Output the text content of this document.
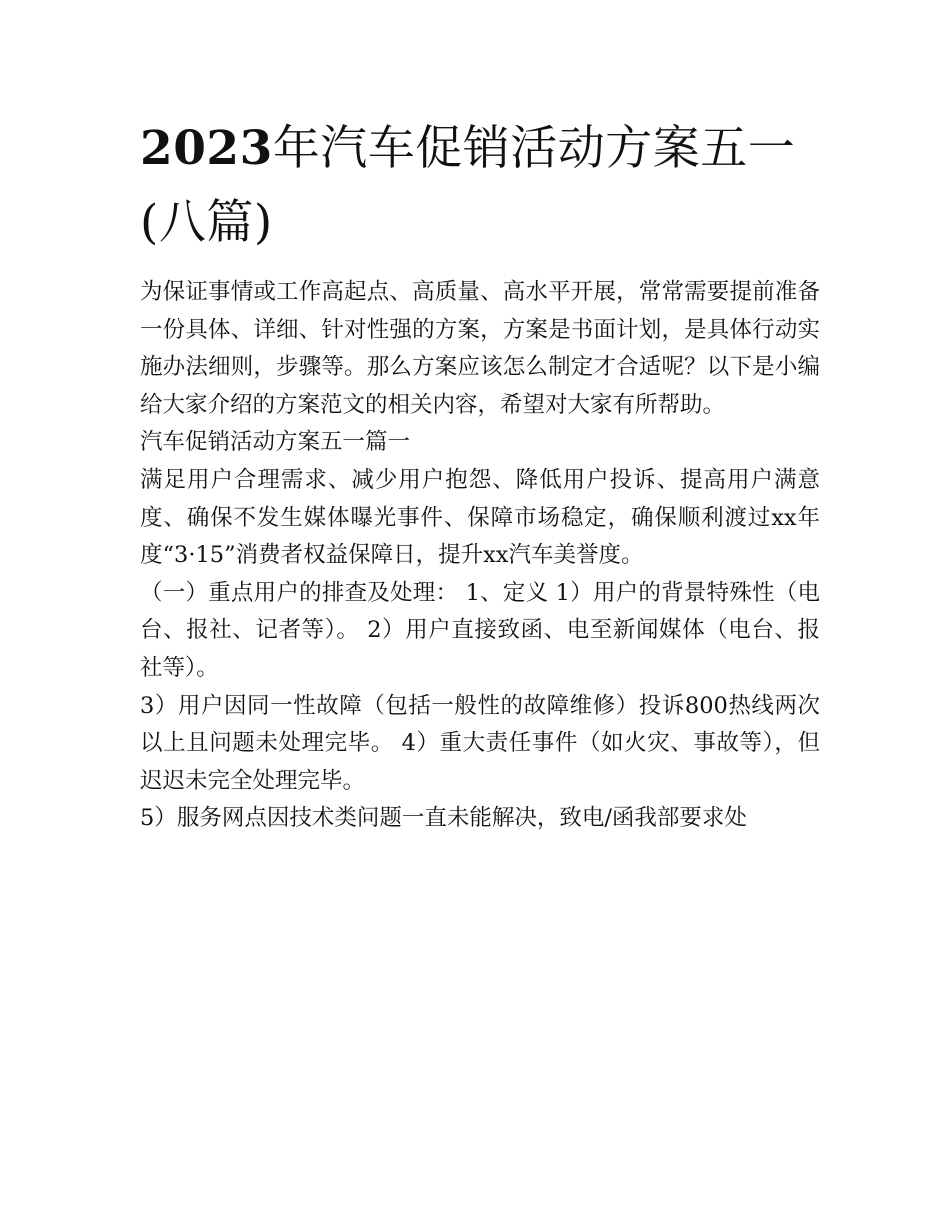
2023年汽车促销活动方案五一(八篇)

为保证事情或工作高起点、高质量、高水平开展，常常需要提前准备一份具体、详细、针对性强的方案，方案是书面计划，是具体行动实施办法细则，步骤等。那么方案应该怎么制定才合适呢？以下是小编给大家介绍的方案范文的相关内容，希望对大家有所帮助。

汽车促销活动方案五一篇一

满足用户合理需求、减少用户抱怨、降低用户投诉、提高用户满意度、确保不发生媒体曝光事件、保障市场稳定，确保顺利渡过xx年度“3·15”消费者权益保障日，提升xx汽车美誉度。

（一）重点用户的排查及处理： 1、定义 1）用户的背景特殊性（电台、报社、记者等）。 2）用户直接致函、电至新闻媒体（电台、报社等）。

3）用户因同一性故障（包括一般性的故障维修）投诉800热线两次以上且问题未处理完毕。 4）重大责任事件（如火灾、事故等），但迟迟未完全处理完毕。

5）服务网点因技术类问题一直未能解决，致电/函我部要求处
